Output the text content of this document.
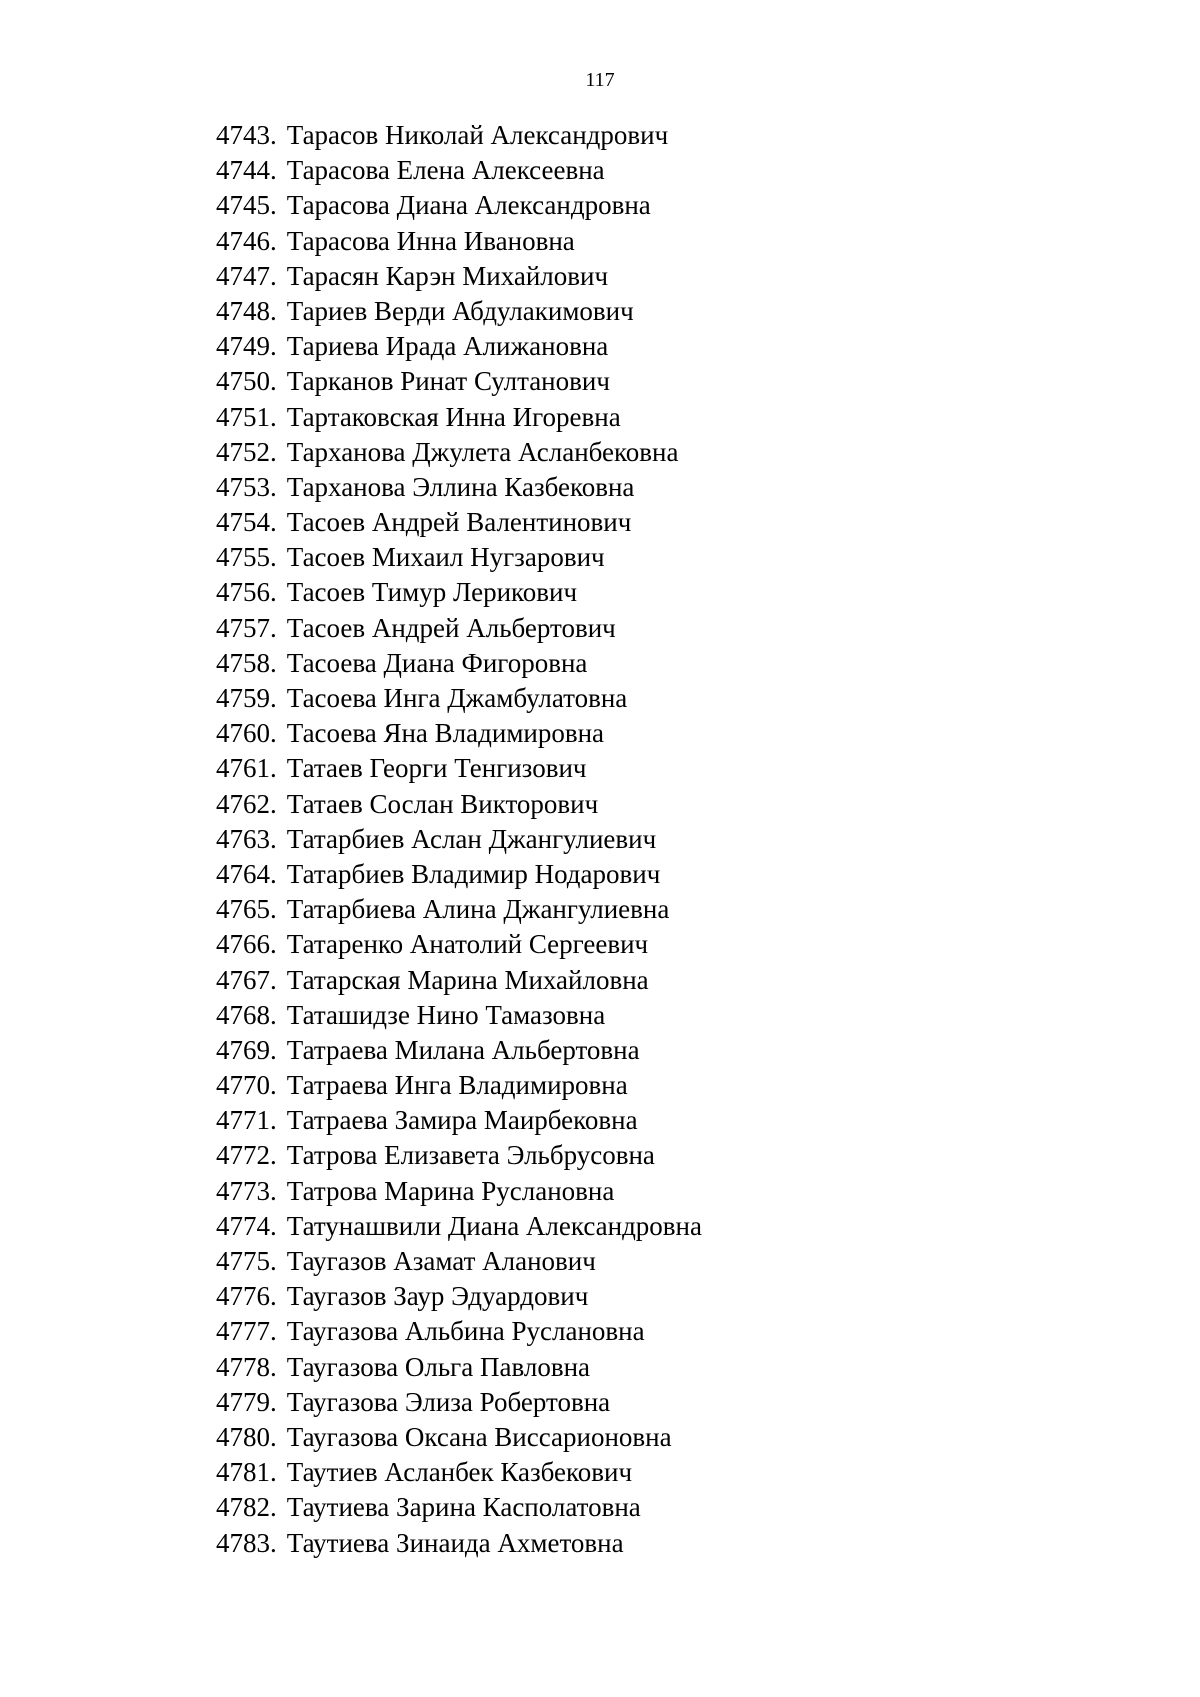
117
4743. Тарасов Николай Александрович
4744. Тарасова Елена Алексеевна
4745. Тарасова Диана Александровна
4746. Тарасова Инна Ивановна
4747. Тарасян Карэн Михайлович
4748. Тариев Верди Абдулакимович
4749. Тариева Ирада Алижановна
4750. Тарканов Ринат Султанович
4751. Тартаковская Инна Игоревна
4752. Тарханова Джулета Асланбековна
4753. Тарханова Эллина Казбековна
4754. Тасоев Андрей Валентинович
4755. Тасоев Михаил Нугзарович
4756. Тасоев Тимур Лерикович
4757. Тасоев Андрей Альбертович
4758. Тасоева Диана Фигоровна
4759. Тасоева Инга Джамбулатовна
4760. Тасоева Яна Владимировна
4761. Татаев Георги Тенгизович
4762. Татаев Сослан Викторович
4763. Татарбиев Аслан Джангулиевич
4764. Татарбиев Владимир Нодарович
4765. Татарбиева Алина Джангулиевна
4766. Татаренко Анатолий Сергеевич
4767. Татарская Марина Михайловна
4768. Таташидзе Нино Тамазовна
4769. Татраева Милана Альбертовна
4770. Татраева Инга Владимировна
4771. Татраева Замира Маирбековна
4772. Татрова Елизавета Эльбрусовна
4773. Татрова Марина Руслановна
4774. Татунашвили Диана Александровна
4775. Таугазов Азамат Аланович
4776. Таугазов Заур Эдуардович
4777. Таугазова Альбина Руслановна
4778. Таугазова Ольга Павловна
4779. Таугазова Элиза Робертовна
4780. Таугазова Оксана Виссарионовна
4781. Таутиев Асланбек Казбекович
4782. Таутиева Зарина Касполатовна
4783. Таутиева Зинаида Ахметовна
